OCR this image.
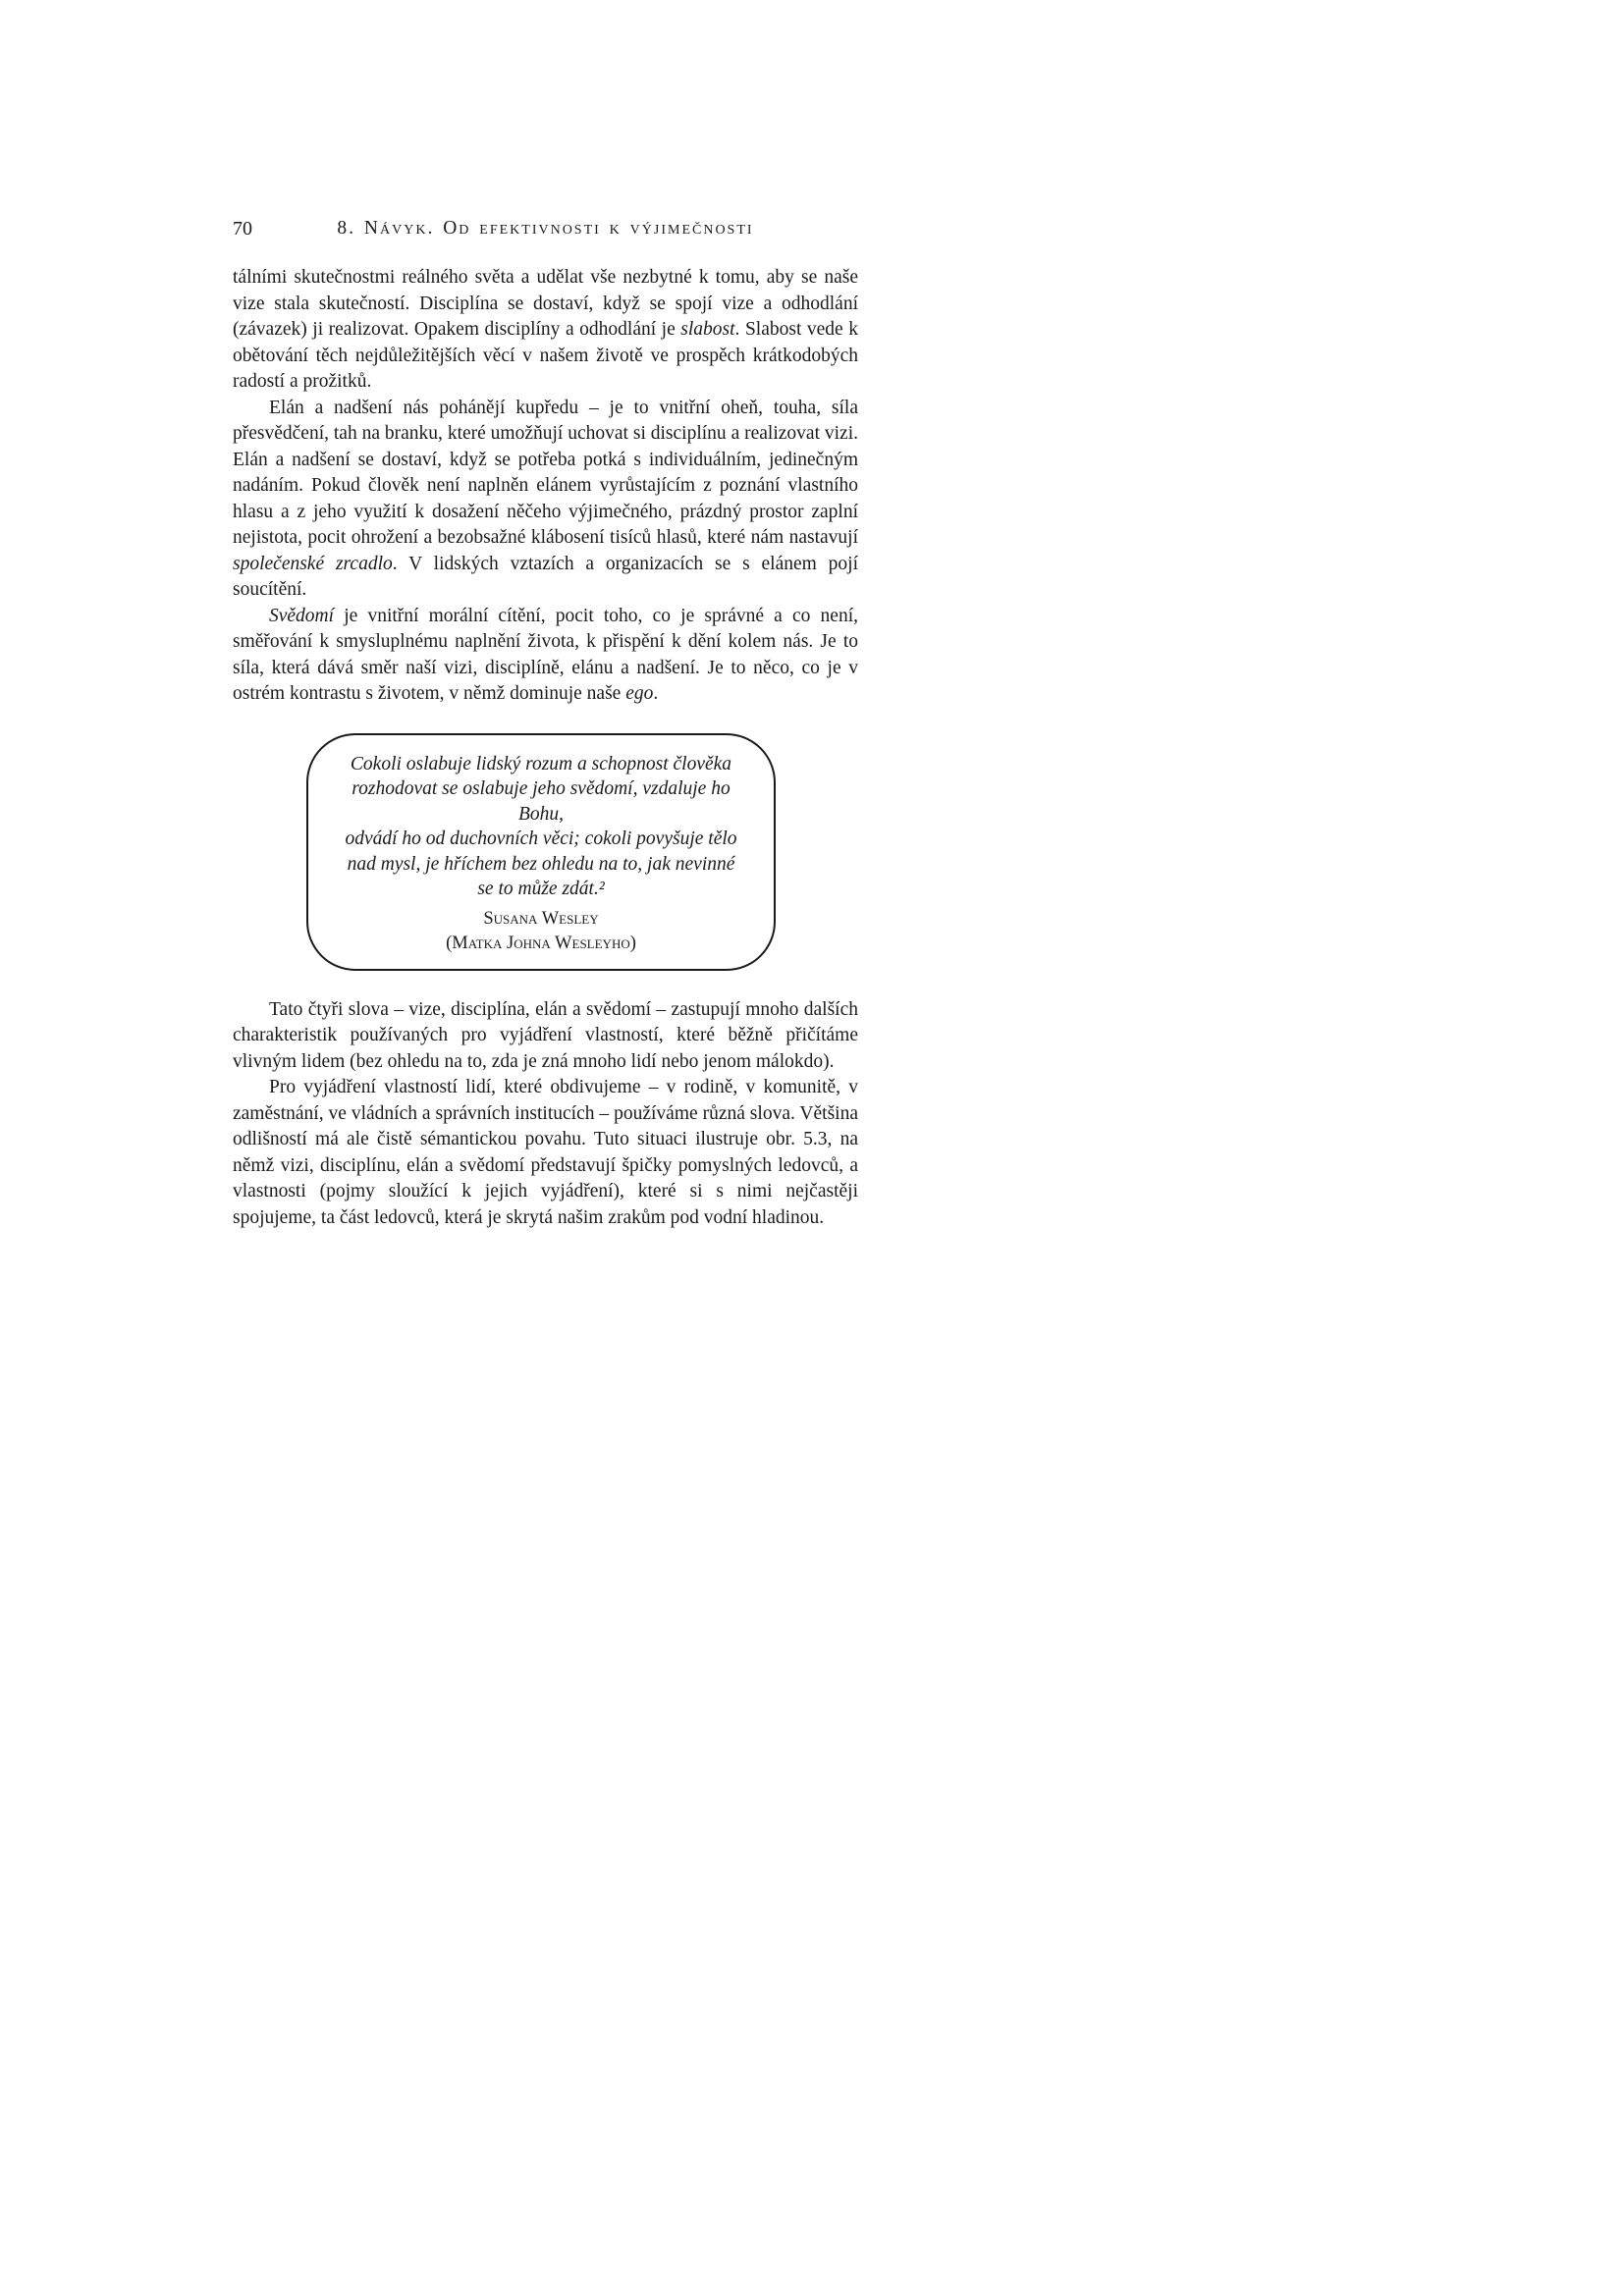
70	8. Návyk. Od efektivnosti k výjimečnosti

tálními skutečnostmi reálného světa a udělat vše nezbytné k tomu, aby se naše vize stala skutečností. Disciplína se dostaví, když se spojí vize a odhodlání (závazek) ji realizovat. Opakem disciplíny a odhodlání je slabost. Slabost vede k obětování těch nejdůležitějších věcí v našem životě ve prospěch krátkodobých radostí a prožitků.

Elán a nadšení nás pohánějí kupředu – je to vnitřní oheň, touha, síla přesvědčení, tah na branku, které umožňují uchovat si disciplínu a realizovat vizi. Elán a nadšení se dostaví, když se potřeba potká s individuálním, jedinečným nadáním. Pokud člověk není naplněn elánem vyrůstajícím z poznání vlastního hlasu a z jeho využití k dosažení něčeho výjimečného, prázdný prostor zaplní nejistota, pocit ohrožení a bezobsažné klábosení tisíců hlasů, které nám nastavují společenské zrcadlo. V lidských vztazích a organizacích se s elánem pojí soucítění.

Svědomí je vnitřní morální cítění, pocit toho, co je správné a co není, směřování k smysluplnému naplnění života, k přispění k dění kolem nás. Je to síla, která dává směr naší vizi, disciplíně, elánu a nadšení. Je to něco, co je v ostrém kontrastu s životem, v němž dominuje naše ego.

Cokoli oslabuje lidský rozum a schopnost člověka
rozhodovat se oslabuje jeho svědomí, vzdaluje ho Bohu,
odvádí ho od duchovních věci; cokoli povyšuje tělo
nad mysl, je hříchem bez ohledu na to, jak nevinné
se to může zdát.²
Susana Wesley
(Matka Johna Wesleyho)

Tato čtyři slova – vize, disciplína, elán a svědomí – zastupují mnoho dalších charakteristik používaných pro vyjádření vlastností, které běžně přičítáme vlivným lidem (bez ohledu na to, zda je zná mnoho lidí nebo jenom málokdo).

Pro vyjádření vlastností lidí, které obdivujeme – v rodině, v komunitě, v zaměstnání, ve vládních a správních institucích – používáme různá slova. Většina odlišností má ale čistě sémantickou povahu. Tuto situaci ilustruje obr. 5.3, na němž vizi, disciplínu, elán a svědomí představují špičky pomyslných ledovců, a vlastnosti (pojmy sloužící k jejich vyjádření), které si s nimi nejčastěji spojujeme, ta část ledovců, která je skrytá našim zrakům pod vodní hladinou.
